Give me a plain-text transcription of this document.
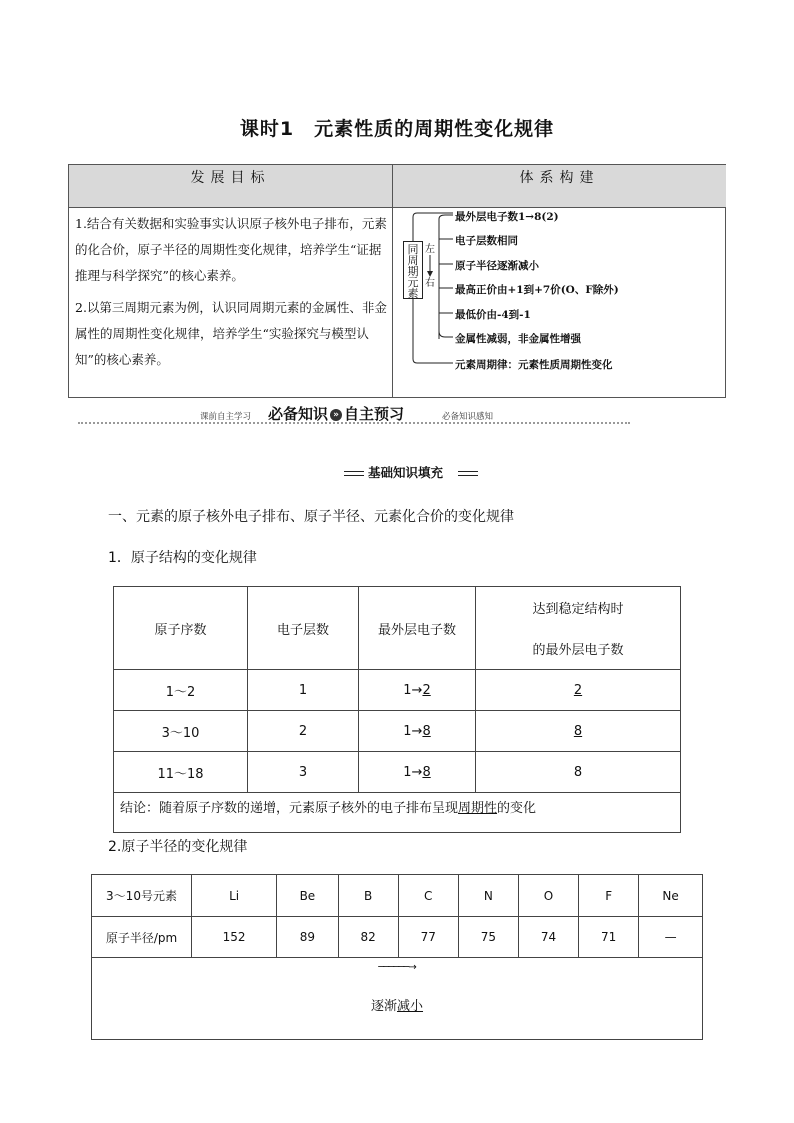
课时1　元素性质的周期性变化规律
发展目标	体系构建

1.结合有关数据和实验事实认识原子核外电子排布，元素的化合价，原子半径的周期性变化规律，培养学生“证据推理与科学探究”的核心素养。

2.以第三周期元素为例，认识同周期元素的金属性、非金属性的周期性变化规律，培养学生“实验探究与模型认知”的核心素养。

同周期元素
左
右
最外层电子数1→8(2)
电子层数相同
原子半径逐渐减小
最高正价由+1到+7价(O、F除外)
最低价由-4到-1
金属性减弱，非金属性增强
元素周期律：元素性质周期性变化
课前自主学习 必备知识 » 自主预习	必备知识感知
基础知识填充
一、元素的原子核外电子排布、原子半径、元素化合价的变化规律
1．原子结构的变化规律
原子序数	电子层数	最外层电子数	达到稳定结构时
的最外层电子数

1～2	1	1→2	2
3～10	2	1→8	8
11～18	3	1→8	8
结论：随着原子序数的递增，元素原子核外的电子排布呈现周期性的变化			
2.原子半径的变化规律
3～10号元素	Li	Be	B	C	N	O	F	Ne
原子半径/pm	152	89	82	77	75	74	71	—

──────→
逐渐减小								
